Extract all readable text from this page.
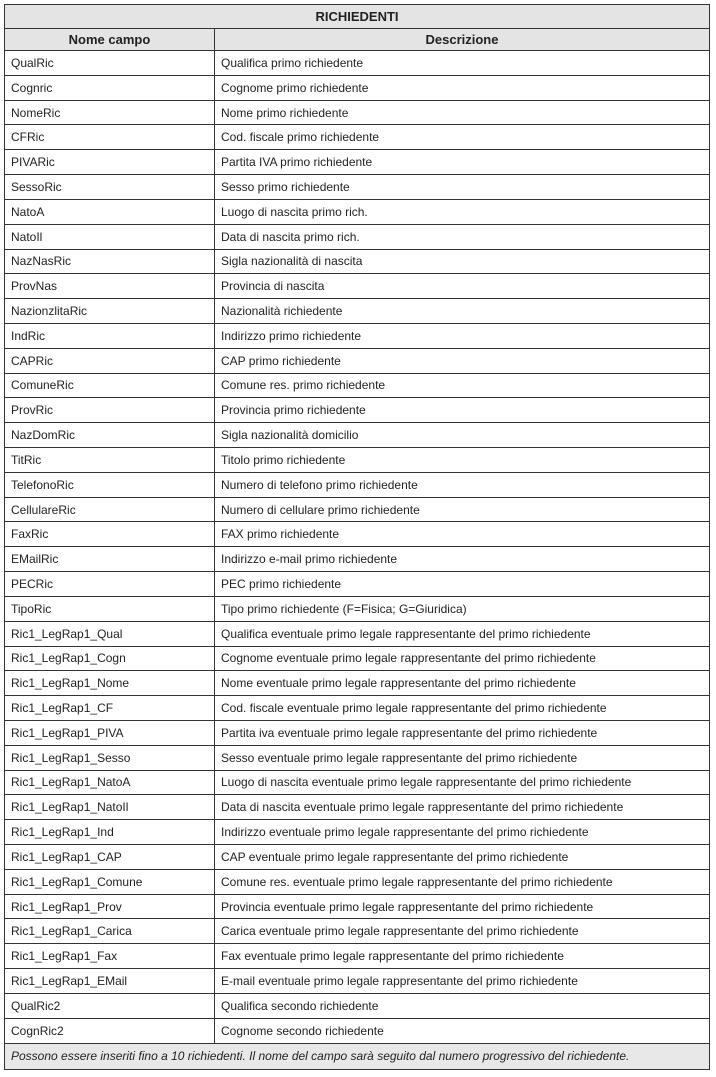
RICHIEDENTI	
Nome campo	Descrizione
QualRic	Qualifica primo richiedente
Cognric	Cognome primo richiedente
NomeRic	Nome primo richiedente
CFRic	Cod. fiscale primo richiedente
PIVARic	Partita IVA primo richiedente
SessoRic	Sesso primo richiedente
NatoA	Luogo di nascita primo rich.
NatoIl	Data di nascita primo rich.
NazNasRic	Sigla nazionalità di nascita
ProvNas	Provincia di nascita
NazionzlitaRic	Nazionalità richiedente
IndRic	Indirizzo primo richiedente
CAPRic	CAP primo richiedente
ComuneRic	Comune res. primo richiedente
ProvRic	Provincia primo richiedente
NazDomRic	Sigla nazionalità domicilio
TitRic	Titolo primo richiedente
TelefonoRic	Numero di telefono primo richiedente
CellulareRic	Numero di cellulare primo richiedente
FaxRic	FAX primo richiedente
EMailRic	Indirizzo e-mail primo richiedente
PECRic	PEC primo richiedente
TipoRic	Tipo primo richiedente (F=Fisica; G=Giuridica)
Ric1_LegRap1_Qual	Qualifica eventuale primo legale rappresentante del primo richiedente
Ric1_LegRap1_Cogn	Cognome eventuale primo legale rappresentante del primo richiedente
Ric1_LegRap1_Nome	Nome eventuale primo legale rappresentante del primo richiedente
Ric1_LegRap1_CF	Cod. fiscale eventuale primo legale rappresentante del primo richiedente
Ric1_LegRap1_PIVA	Partita iva eventuale primo legale rappresentante del primo richiedente
Ric1_LegRap1_Sesso	Sesso eventuale primo legale rappresentante del primo richiedente
Ric1_LegRap1_NatoA	Luogo di nascita eventuale primo legale rappresentante del primo richiedente
Ric1_LegRap1_NatoIl	Data di nascita eventuale primo legale rappresentante del primo richiedente
Ric1_LegRap1_Ind	Indirizzo eventuale primo legale rappresentante del primo richiedente
Ric1_LegRap1_CAP	CAP eventuale primo legale rappresentante del primo richiedente
Ric1_LegRap1_Comune	Comune res. eventuale primo legale rappresentante del primo richiedente
Ric1_LegRap1_Prov	Provincia eventuale primo legale rappresentante del primo richiedente
Ric1_LegRap1_Carica	Carica eventuale primo legale rappresentante del primo richiedente
Ric1_LegRap1_Fax	Fax eventuale primo legale rappresentante del primo richiedente
Ric1_LegRap1_EMail	E-mail eventuale primo legale rappresentante del primo richiedente
QualRic2	Qualifica secondo richiedente
CognRic2	Cognome secondo richiedente
Possono essere inseriti fino a 10 richiedenti. Il nome del campo sarà seguito dal numero progressivo del richiedente.	
